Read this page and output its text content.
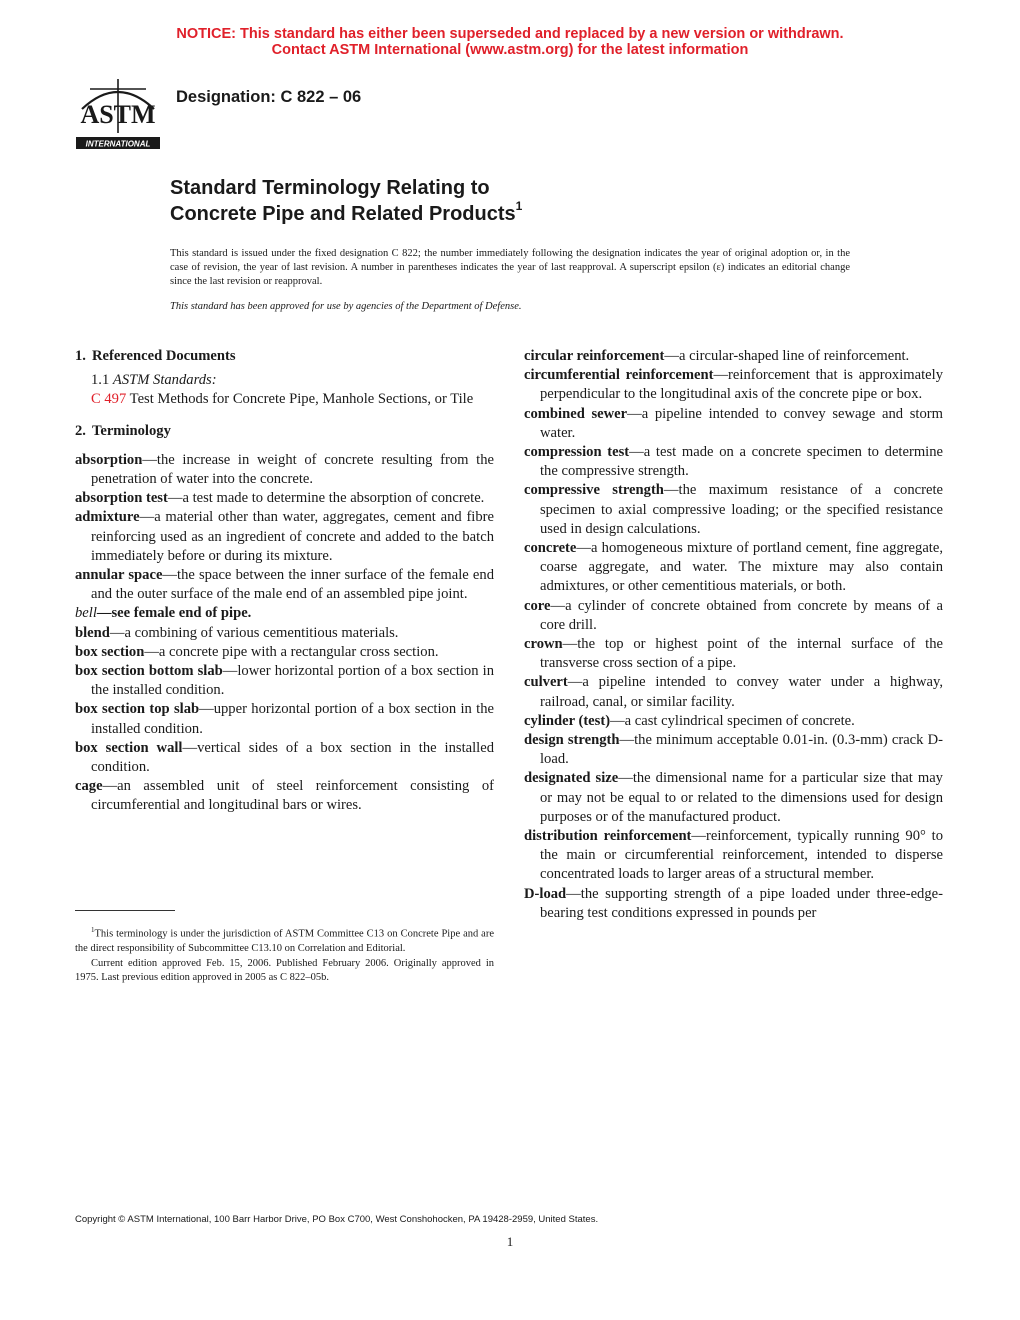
NOTICE: This standard has either been superseded and replaced by a new version or withdrawn.
Contact ASTM International (www.astm.org) for the latest information
ASTM
INTERNATIONAL
Designation: C 822 – 06
Standard Terminology Relating to
Concrete Pipe and Related Products$^1$
This standard is issued under the fixed designation C 822; the number immediately following the designation indicates the year of original adoption or, in the case of revision, the year of last revision. A number in parentheses indicates the year of last reapproval. A superscript epsilon (ε) indicates an editorial change since the last revision or reapproval.
This standard has been approved for use by agencies of the Department of Defense.

1. Referenced Documents

1.1 ASTM Standards:

C 497 Test Methods for Concrete Pipe, Manhole Sections, or Tile

2. Terminology

absorption—the increase in weight of concrete resulting from the penetration of water into the concrete.

absorption test—a test made to determine the absorption of concrete.

admixture—a material other than water, aggregates, cement and fibre reinforcing used as an ingredient of concrete and added to the batch immediately before or during its mixture.

annular space—the space between the inner surface of the female end and the outer surface of the male end of an assembled pipe joint.

bell—see female end of pipe.

blend—a combining of various cementitious materials.

box section—a concrete pipe with a rectangular cross section.

box section bottom slab—lower horizontal portion of a box section in the installed condition.

box section top slab—upper horizontal portion of a box section in the installed condition.

box section wall—vertical sides of a box section in the installed condition.

cage—an assembled unit of steel reinforcement consisting of circumferential and longitudinal bars or wires.

circular reinforcement—a circular-shaped line of reinforcement.

circumferential reinforcement—reinforcement that is approximately perpendicular to the longitudinal axis of the concrete pipe or box.

combined sewer—a pipeline intended to convey sewage and storm water.

compression test—a test made on a concrete specimen to determine the compressive strength.

compressive strength—the maximum resistance of a concrete specimen to axial compressive loading; or the specified resistance used in design calculations.

concrete—a homogeneous mixture of portland cement, fine aggregate, coarse aggregate, and water. The mixture may also contain admixtures, or other cementitious materials, or both.

core—a cylinder of concrete obtained from concrete by means of a core drill.

crown—the top or highest point of the internal surface of the transverse cross section of a pipe.

culvert—a pipeline intended to convey water under a highway, railroad, canal, or similar facility.

cylinder (test)—a cast cylindrical specimen of concrete.

design strength—the minimum acceptable 0.01-in. (0.3-mm) crack D-load.

designated size—the dimensional name for a particular size that may or may not be equal to or related to the dimensions used for design purposes or of the manufactured product.

distribution reinforcement—reinforcement, typically running 90° to the main or circumferential reinforcement, intended to disperse concentrated loads to larger areas of a structural member.

D-load—the supporting strength of a pipe loaded under three-edge-bearing test conditions expressed in pounds per

$^1$This terminology is under the jurisdiction of ASTM Committee C13 on Concrete Pipe and are the direct responsibility of Subcommittee C13.10 on Correlation and Editorial.

Current edition approved Feb. 15, 2006. Published February 2006. Originally approved in 1975. Last previous edition approved in 2005 as C 822–05b.

Copyright © ASTM International, 100 Barr Harbor Drive, PO Box C700, West Conshohocken, PA 19428-2959, United States.
1
